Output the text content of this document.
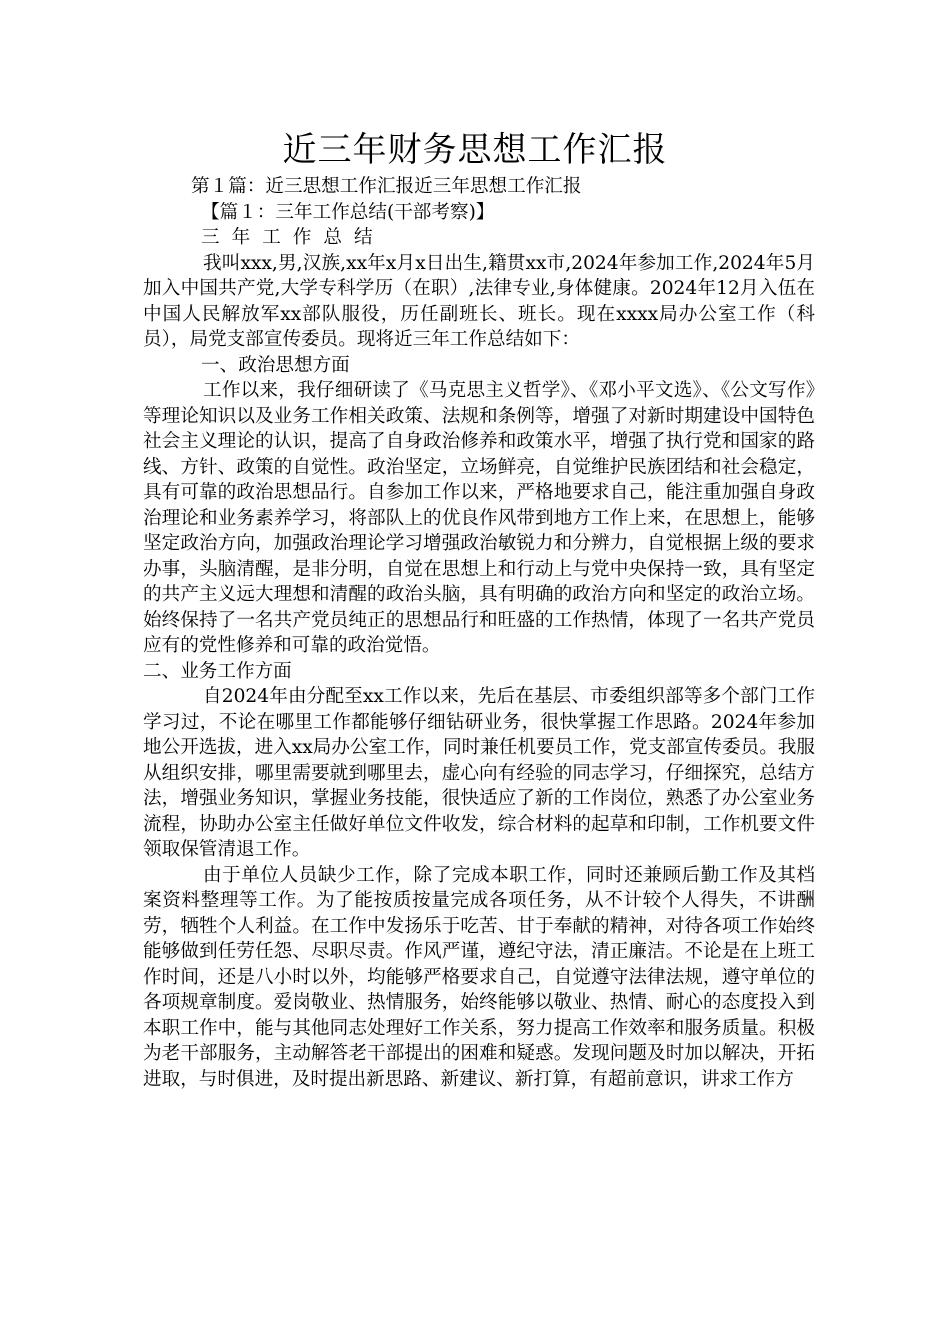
近三年财务思想工作汇报

第１篇：近三思想工作汇报近三年思想工作汇报

【篇１：三年工作总结(干部考察)】

三年工作总结

我叫xxx,男,汉族,xx年x月x日出生,籍贯xx市,2024年参加工作,2024年5月加入中国共产党,大学专科学历（在职）,法律专业,身体健康。2024年12月入伍在中国人民解放军xx部队服役，历任副班长、班长。现在xxxx局办公室工作（科员），局党支部宣传委员。现将近三年工作总结如下：

一、政治思想方面

工作以来，我仔细研读了《马克思主义哲学》、《邓小平文选》、《公文写作》等理论知识以及业务工作相关政策、法规和条例等，增强了对新时期建设中国特色社会主义理论的认识，提高了自身政治修养和政策水平，增强了执行党和国家的路线、方针、政策的自觉性。政治坚定，立场鲜亮，自觉维护民族团结和社会稳定，具有可靠的政治思想品行。自参加工作以来，严格地要求自己，能注重加强自身政治理论和业务素养学习，将部队上的优良作风带到地方工作上来，在思想上，能够坚定政治方向，加强政治理论学习增强政治敏锐力和分辨力，自觉根据上级的要求办事，头脑清醒，是非分明，自觉在思想上和行动上与党中央保持一致，具有坚定的共产主义远大理想和清醒的政治头脑，具有明确的政治方向和坚定的政治立场。始终保持了一名共产党员纯正的思想品行和旺盛的工作热情，体现了一名共产党员应有的党性修养和可靠的政治觉悟。

二、业务工作方面

自2024年由分配至xx工作以来，先后在基层、市委组织部等多个部门工作学习过，不论在哪里工作都能够仔细钻研业务，很快掌握工作思路。2024年参加地公开选拔，进入xx局办公室工作，同时兼任机要员工作，党支部宣传委员。我服从组织安排，哪里需要就到哪里去，虚心向有经验的同志学习，仔细探究，总结方法，增强业务知识，掌握业务技能，很快适应了新的工作岗位，熟悉了办公室业务流程，协助办公室主任做好单位文件收发，综合材料的起草和印制，工作机要文件领取保管清退工作。

由于单位人员缺少工作，除了完成本职工作，同时还兼顾后勤工作及其档案资料整理等工作。为了能按质按量完成各项任务，从不计较个人得失，不讲酬劳，牺牲个人利益。在工作中发扬乐于吃苦、甘于奉献的精神，对待各项工作始终能够做到任劳任怨、尽职尽责。作风严谨，遵纪守法，清正廉洁。不论是在上班工作时间，还是八小时以外，均能够严格要求自己，自觉遵守法律法规，遵守单位的各项规章制度。爱岗敬业、热情服务，始终能够以敬业、热情、耐心的态度投入到本职工作中，能与其他同志处理好工作关系，努力提高工作效率和服务质量。积极为老干部服务，主动解答老干部提出的困难和疑惑。发现问题及时加以解决，开拓进取，与时俱进，及时提出新思路、新建议、新打算，有超前意识，讲求工作方
